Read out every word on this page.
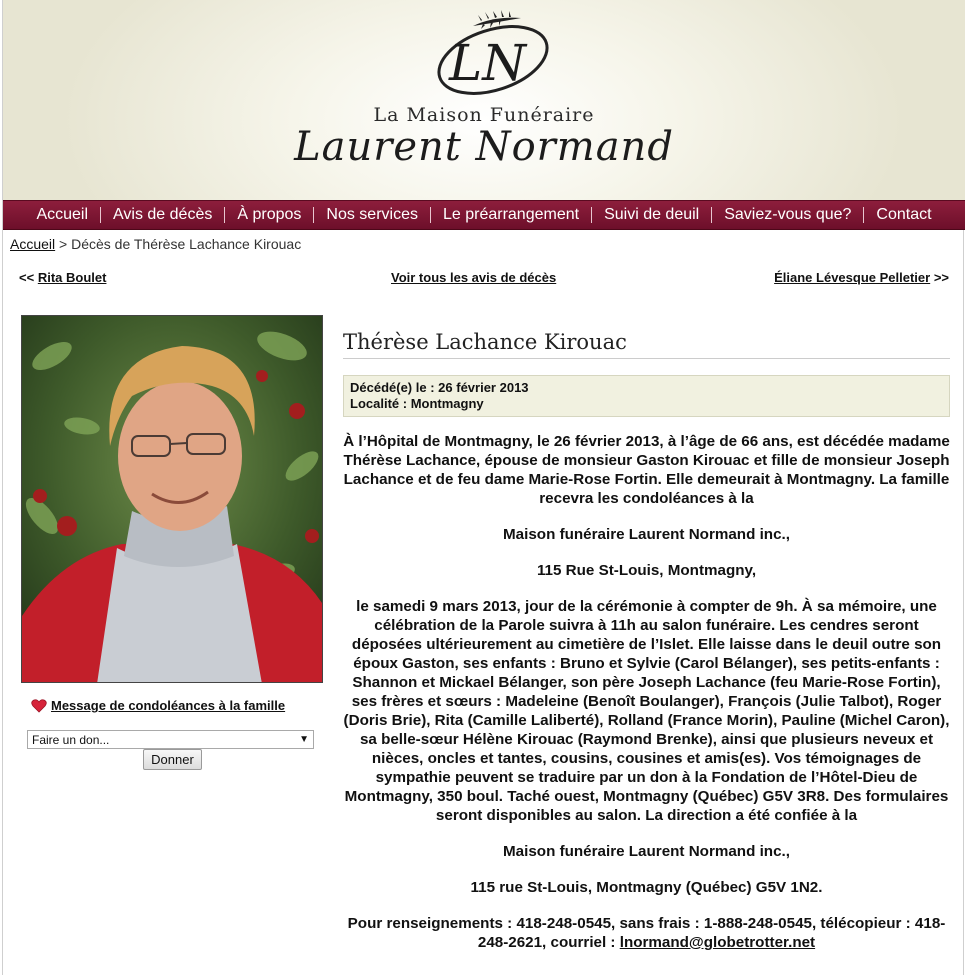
LN
La Maison Funéraire
Laurent Normand
Accueil	Avis de décès	À propos	Nos services	Le préarrangement	Suivi de deuil	Saviez-vous que?	Contact
Accueil > Décès de Thérèse Lachance Kirouac
<< Rita Boulet	Voir tous les avis de décès	Éliane Lévesque Pelletier >>
Message de condoléances à la famille
Faire un don...	▼
Donner
Thérèse Lachance Kirouac
Décédé(e) le : 26 février 2013
Localité : Montmagny

À l’Hôpital de Montmagny, le 26 février 2013, à l’âge de 66 ans, est décédée madame Thérèse Lachance, épouse de monsieur Gaston Kirouac et fille de monsieur Joseph Lachance et de feu dame Marie-Rose Fortin. Elle demeurait à Montmagny. La famille recevra les condoléances à la

Maison funéraire Laurent Normand inc.,

115 Rue St-Louis, Montmagny,

le samedi 9 mars 2013, jour de la cérémonie à compter de 9h. À sa mémoire, une célébration de la Parole suivra à 11h au salon funéraire. Les cendres seront déposées ultérieurement au cimetière de l’Islet. Elle laisse dans le deuil outre son époux Gaston, ses enfants : Bruno et Sylvie (Carol Bélanger), ses petits-enfants : Shannon et Mickael Bélanger, son père Joseph Lachance (feu Marie-Rose Fortin), ses frères et sœurs : Madeleine (Benoît Boulanger), François (Julie Talbot), Roger (Doris Brie), Rita (Camille Laliberté), Rolland (France Morin), Pauline (Michel Caron), sa belle-sœur Hélène Kirouac (Raymond Brenke), ainsi que plusieurs neveux et nièces, oncles et tantes, cousins, cousines et amis(es). Vos témoignages de sympathie peuvent se traduire par un don à la Fondation de l’Hôtel-Dieu de Montmagny, 350 boul. Taché ouest, Montmagny (Québec) G5V 3R8. Des formulaires seront disponibles au salon. La direction a été confiée à la

Maison funéraire Laurent Normand inc.,

115 rue St-Louis, Montmagny (Québec) G5V 1N2.

Pour renseignements : 418-248-0545, sans frais : 1-888-248-0545, télécopieur : 418-248-2621, courriel : lnormand@globetrotter.net
